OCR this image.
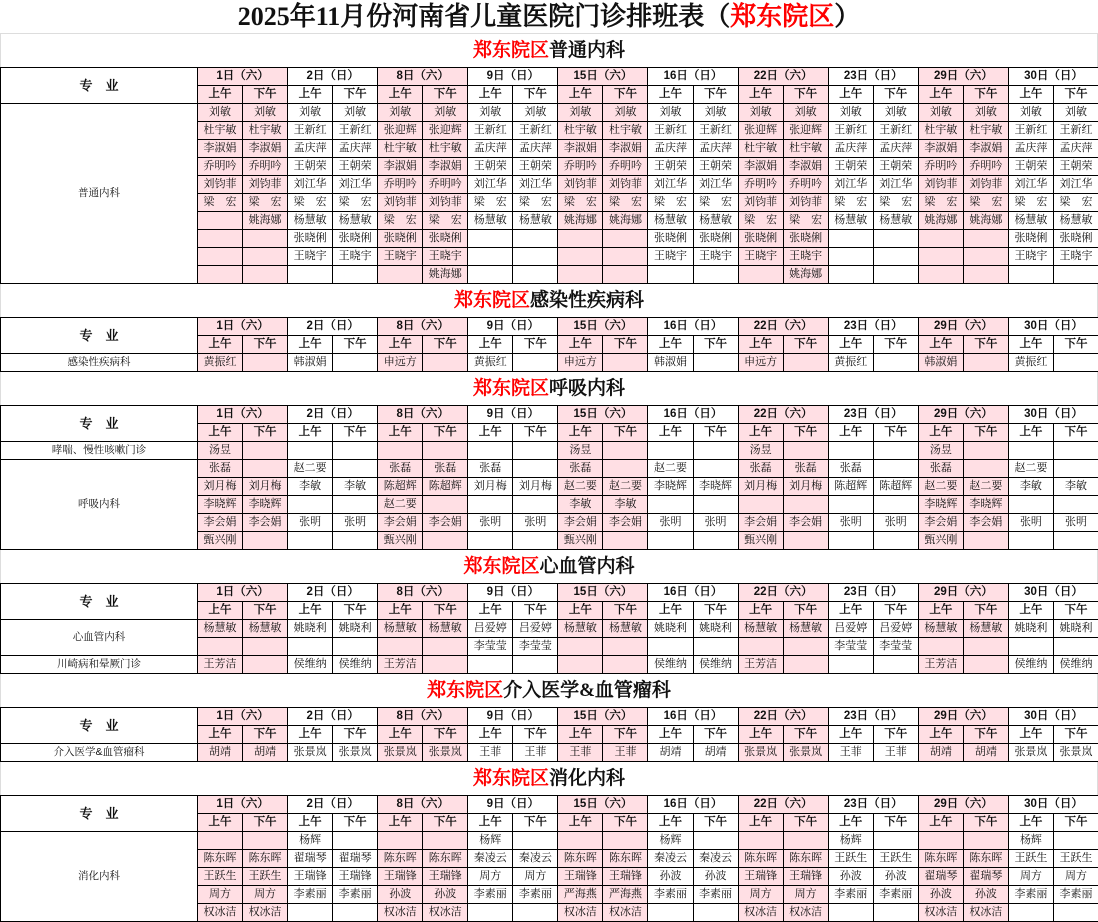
2025年11月份河南省儿童医院门诊排班表（郑东院区）
郑东院区普通内科
专　业	1日（六）		2日（日）		8日（六）		9日（日）		15日（六）		16日（日）		22日（六）		23日（日）		29日（六）		30日（日）	
	上午	下午	上午	下午	上午	下午	上午	下午	上午	下午	上午	下午	上午	下午	上午	下午	上午	下午	上午	下午
普通内科	刘敏	刘敏	刘敏	刘敏	刘敏	刘敏	刘敏	刘敏	刘敏	刘敏	刘敏	刘敏	刘敏	刘敏	刘敏	刘敏	刘敏	刘敏	刘敏	刘敏
	杜宇敏	杜宇敏	王新红	王新红	张迎辉	张迎辉	王新红	王新红	杜宇敏	杜宇敏	王新红	王新红	张迎辉	张迎辉	王新红	王新红	杜宇敏	杜宇敏	王新红	王新红
	李淑娟	李淑娟	孟庆萍	孟庆萍	杜宇敏	杜宇敏	孟庆萍	孟庆萍	李淑娟	李淑娟	孟庆萍	孟庆萍	杜宇敏	杜宇敏	孟庆萍	孟庆萍	李淑娟	李淑娟	孟庆萍	孟庆萍
	乔明吟	乔明吟	王朝荣	王朝荣	李淑娟	李淑娟	王朝荣	王朝荣	乔明吟	乔明吟	王朝荣	王朝荣	李淑娟	李淑娟	王朝荣	王朝荣	乔明吟	乔明吟	王朝荣	王朝荣
	刘钧菲	刘钧菲	刘江华	刘江华	乔明吟	乔明吟	刘江华	刘江华	刘钧菲	刘钧菲	刘江华	刘江华	乔明吟	乔明吟	刘江华	刘江华	刘钧菲	刘钧菲	刘江华	刘江华
	梁　宏	梁　宏	梁　宏	梁　宏	刘钧菲	刘钧菲	梁　宏	梁　宏	梁　宏	梁　宏	梁　宏	梁　宏	刘钧菲	刘钧菲	梁　宏	梁　宏	梁　宏	梁　宏	梁　宏	梁　宏
		姚海娜	杨慧敏	杨慧敏	梁　宏	梁　宏	杨慧敏	杨慧敏	姚海娜	姚海娜	杨慧敏	杨慧敏	梁　宏	梁　宏	杨慧敏	杨慧敏	姚海娜	姚海娜	杨慧敏	杨慧敏
			张晓俐	张晓俐	张晓俐	张晓俐					张晓俐	张晓俐	张晓俐	张晓俐					张晓俐	张晓俐
			王晓宇	王晓宇	王晓宇	王晓宇					王晓宇	王晓宇	王晓宇	王晓宇					王晓宇	王晓宇
						姚海娜								姚海娜						
郑东院区感染性疾病科
专　业	1日（六）		2日（日）		8日（六）		9日（日）		15日（六）		16日（日）		22日（六）		23日（日）		29日（六）		30日（日）	
	上午	下午	上午	下午	上午	下午	上午	下午	上午	下午	上午	下午	上午	下午	上午	下午	上午	下午	上午	下午
感染性疾病科	黄振红		韩淑娟		申远方		黄振红		申远方		韩淑娟		申远方		黄振红		韩淑娟		黄振红	
郑东院区呼吸内科
专　业	1日（六）		2日（日）		8日（六）		9日（日）		15日（六）		16日（日）		22日（六）		23日（日）		29日（六）		30日（日）	
	上午	下午	上午	下午	上午	下午	上午	下午	上午	下午	上午	下午	上午	下午	上午	下午	上午	下午	上午	下午
哮喘、慢性咳嗽门诊	汤昱								汤昱				汤昱				汤昱			
呼吸内科	张磊		赵二要		张磊	张磊	张磊		张磊		赵二要		张磊	张磊	张磊		张磊		赵二要	
	刘月梅	刘月梅	李敏	李敏	陈超辉	陈超辉	刘月梅	刘月梅	赵二要	赵二要	李晓辉	李晓辉	刘月梅	刘月梅	陈超辉	陈超辉	赵二要	赵二要	李敏	李敏
	李晓辉	李晓辉			赵二要				李敏	李敏							李晓辉	李晓辉		
	李会娟	李会娟	张明	张明	李会娟	李会娟	张明	张明	李会娟	李会娟	张明	张明	李会娟	李会娟	张明	张明	李会娟	李会娟	张明	张明
	甄兴刚				甄兴刚				甄兴刚				甄兴刚				甄兴刚			
郑东院区心血管内科
专　业	1日（六）		2日（日）		8日（六）		9日（日）		15日（六）		16日（日）		22日（六）		23日（日）		29日（六）		30日（日）	
	上午	下午	上午	下午	上午	下午	上午	下午	上午	下午	上午	下午	上午	下午	上午	下午	上午	下午	上午	下午
心血管内科	杨慧敏	杨慧敏	姚晓利	姚晓利	杨慧敏	杨慧敏	吕爱婷	吕爱婷	杨慧敏	杨慧敏	姚晓利	姚晓利	杨慧敏	杨慧敏	吕爱婷	吕爱婷	杨慧敏	杨慧敏	姚晓利	姚晓利
							李莹莹	李莹莹							李莹莹	李莹莹				
川崎病和晕厥门诊	王芳洁		侯维纳	侯维纳	王芳洁						侯维纳	侯维纳	王芳洁				王芳洁		侯维纳	侯维纳
郑东院区介入医学&血管瘤科
专　业	1日（六）		2日（日）		8日（六）		9日（日）		15日（六）		16日（日）		22日（六）		23日（日）		29日（六）		30日（日）	
	上午	下午	上午	下午	上午	下午	上午	下午	上午	下午	上午	下午	上午	下午	上午	下午	上午	下午	上午	下午
介入医学&血管瘤科	胡靖	胡靖	张景岚	张景岚	张景岚	张景岚	王菲	王菲	王菲	王菲	胡靖	胡靖	张景岚	张景岚	王菲	王菲	胡靖	胡靖	张景岚	张景岚
郑东院区消化内科
专　业	1日（六）		2日（日）		8日（六）		9日（日）		15日（六）		16日（日）		22日（六）		23日（日）		29日（六）		30日（日）	
	上午	下午	上午	下午	上午	下午	上午	下午	上午	下午	上午	下午	上午	下午	上午	下午	上午	下午	上午	下午
消化内科			杨辉				杨辉				杨辉				杨辉				杨辉	
	陈东晖	陈东晖	翟瑞琴	翟瑞琴	陈东晖	陈东晖	秦凌云	秦凌云	陈东晖	陈东晖	秦凌云	秦凌云	陈东晖	陈东晖	王跃生	王跃生	陈东晖	陈东晖	王跃生	王跃生
	王跃生	王跃生	王瑞锋	王瑞锋	王瑞锋	王瑞锋	周方	周方	王瑞锋	王瑞锋	孙波	孙波	王瑞锋	王瑞锋	孙波	孙波	翟瑞琴	翟瑞琴	周方	周方
	周方	周方	李素丽	李素丽	孙波	孙波	李素丽	李素丽	严海燕	严海燕	李素丽	李素丽	周方	周方	李素丽	李素丽	孙波	孙波	李素丽	李素丽
	权冰洁	权冰洁			权冰洁	权冰洁			权冰洁	权冰洁			权冰洁	权冰洁			权冰洁	权冰洁		
